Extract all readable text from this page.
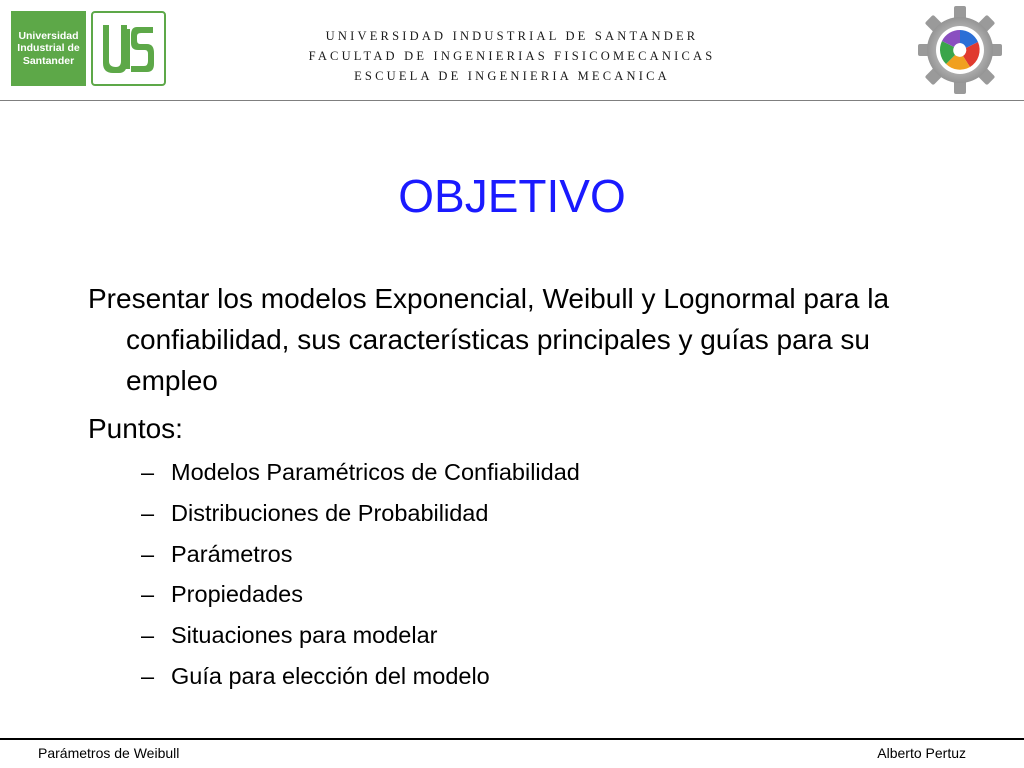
Universidad
Industrial de
Santander
UNIVERSIDAD INDUSTRIAL DE SANTANDER
FACULTAD DE INGENIERIAS FISICOMECANICAS
ESCUELA DE INGENIERIA MECANICA
OBJETIVO

Presentar los modelos Exponencial, Weibull y Lognormal para la confiabilidad, sus características principales y guías para su empleo

Puntos:

– Modelos Paramétricos de Confiabilidad
– Distribuciones de Probabilidad
– Parámetros
– Propiedades
– Situaciones para modelar
– Guía para elección del modelo
Parámetros de Weibull	Alberto Pertuz
